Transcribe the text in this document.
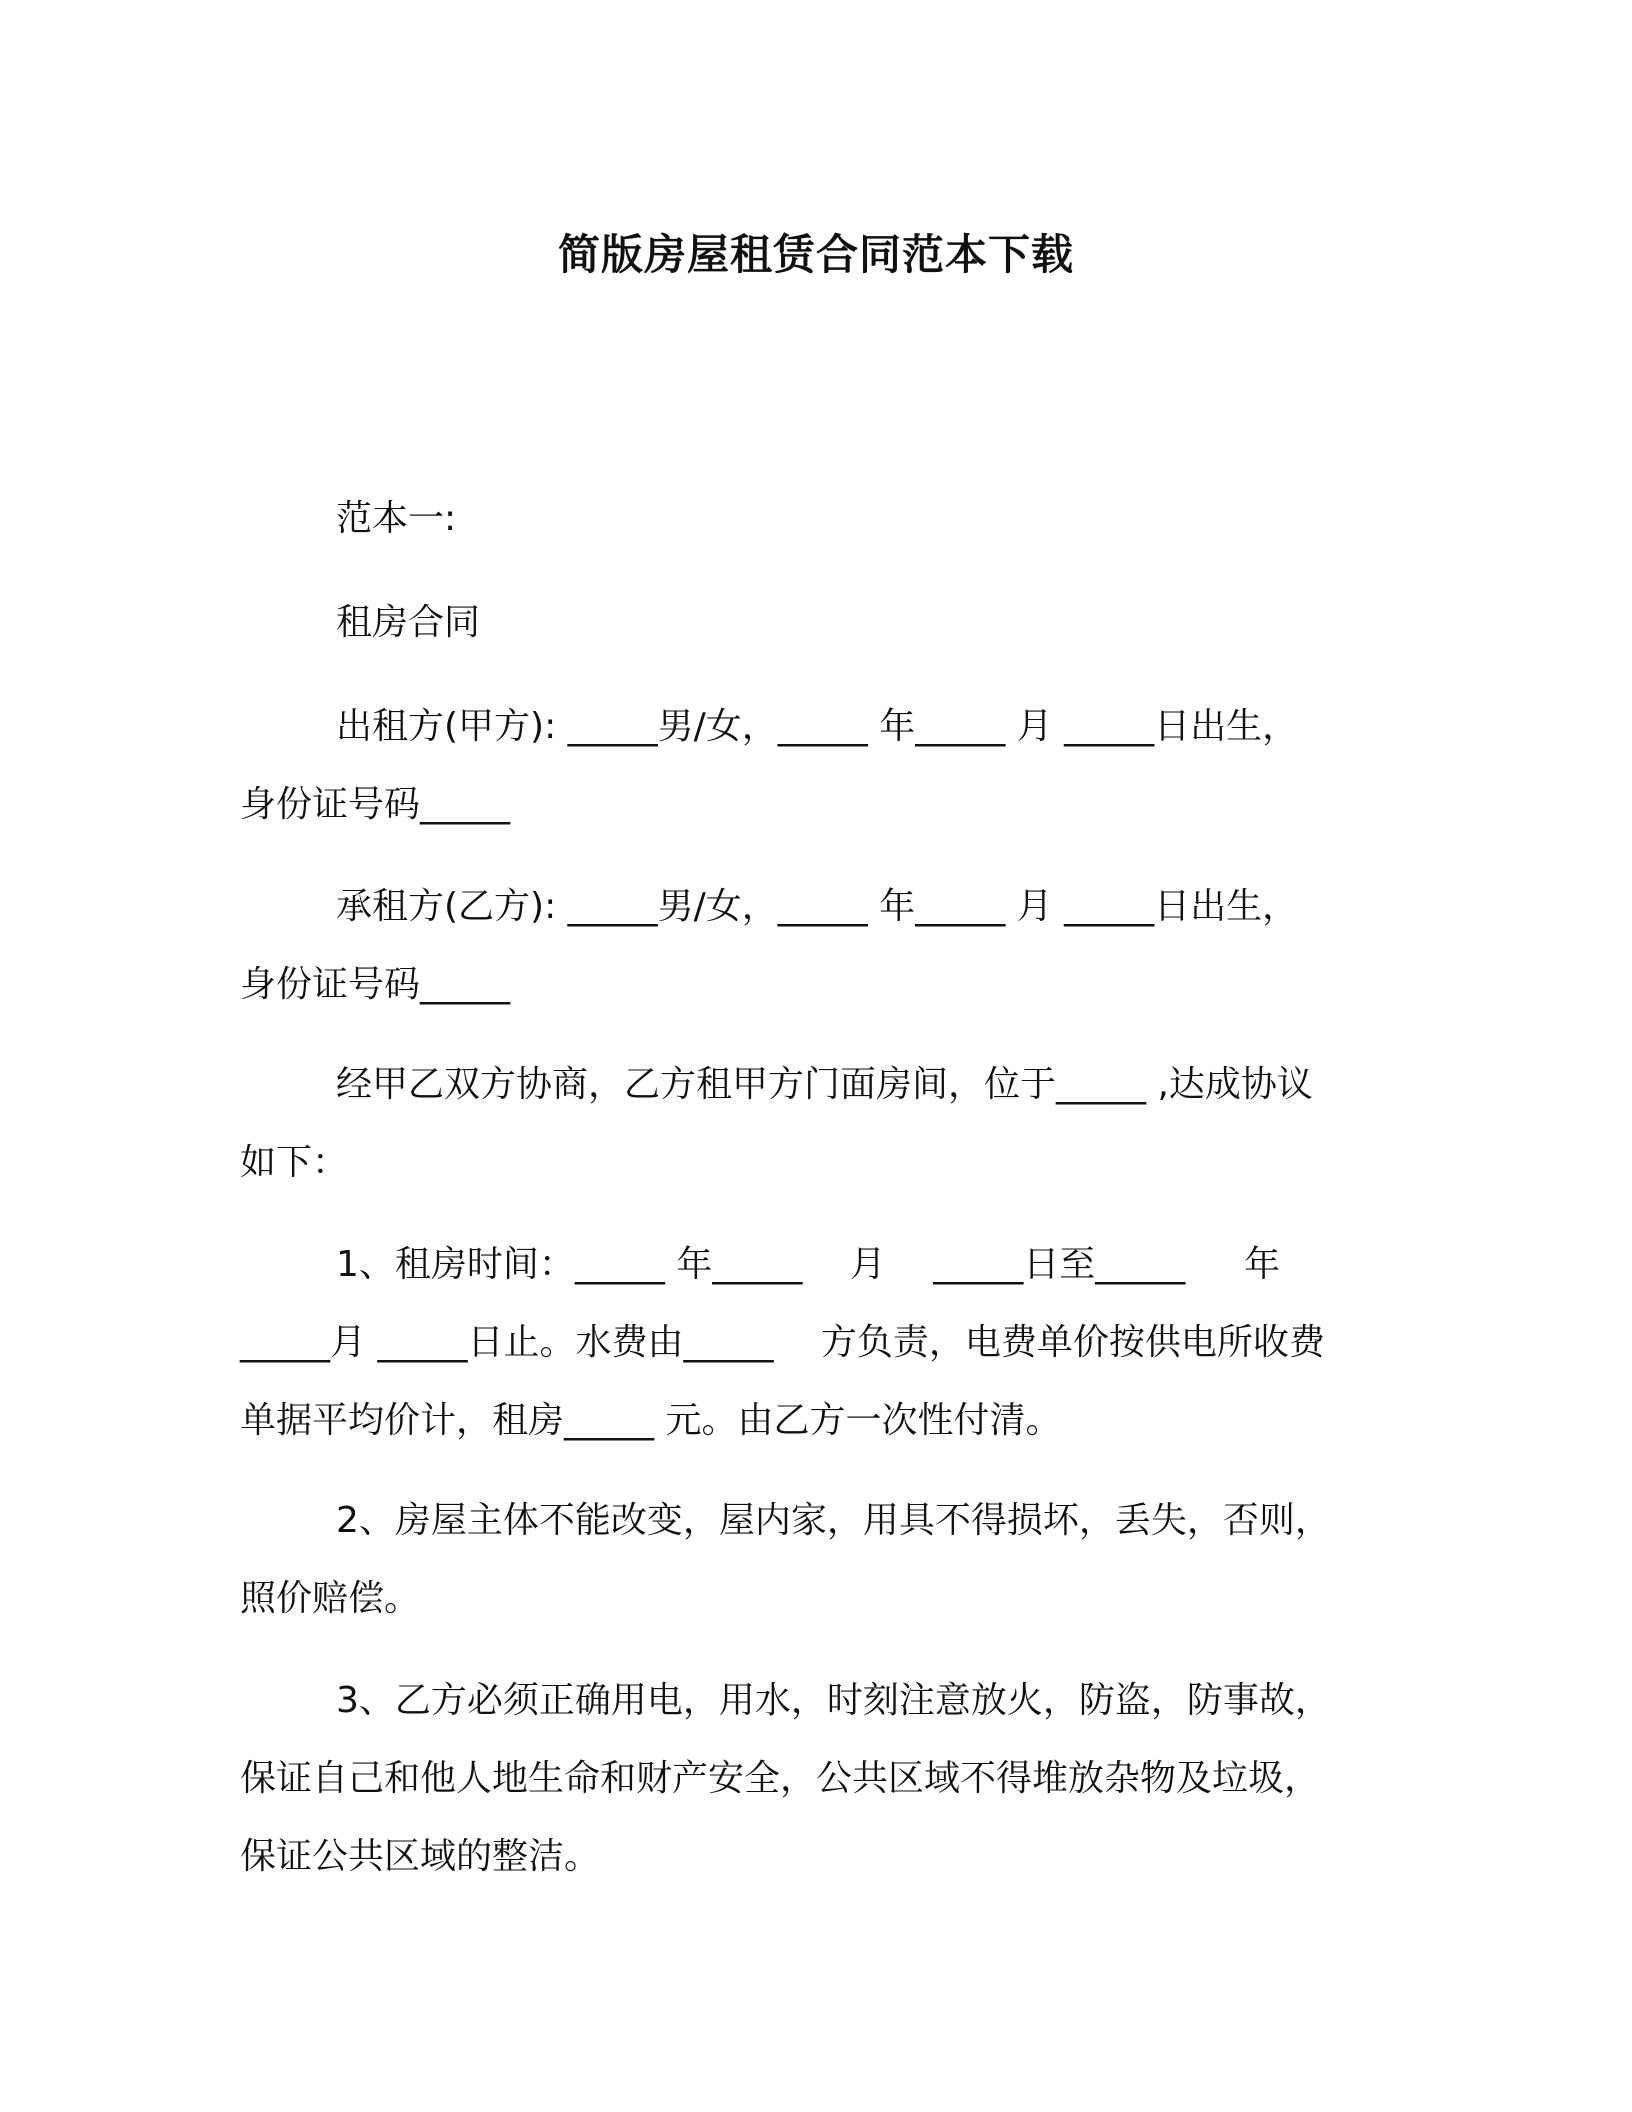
简版房屋租赁合同范本下载
范本一:
租房合同
出租方(甲方): _____男/女，_____ 年_____ 月 _____日出生，
身份证号码_____
承租方(乙方): _____男/女，_____ 年_____ 月 _____日出生，
身份证号码_____
经甲乙双方协商，乙方租甲方门面房间，位于_____ ,达成协议
如下：
1、租房时间：_____ 年_____ 　月　 _____日至_____ 　 年
_____月 _____日止。水费由_____ 　方负责，电费单价按供电所收费
单据平均价计，租房_____ 元。由乙方一次性付清。
2、房屋主体不能改变，屋内家，用具不得损坏，丢失，否则，
照价赔偿。
3、乙方必须正确用电，用水，时刻注意放火，防盗，防事故，
保证自己和他人地生命和财产安全，公共区域不得堆放杂物及垃圾，
保证公共区域的整洁。
